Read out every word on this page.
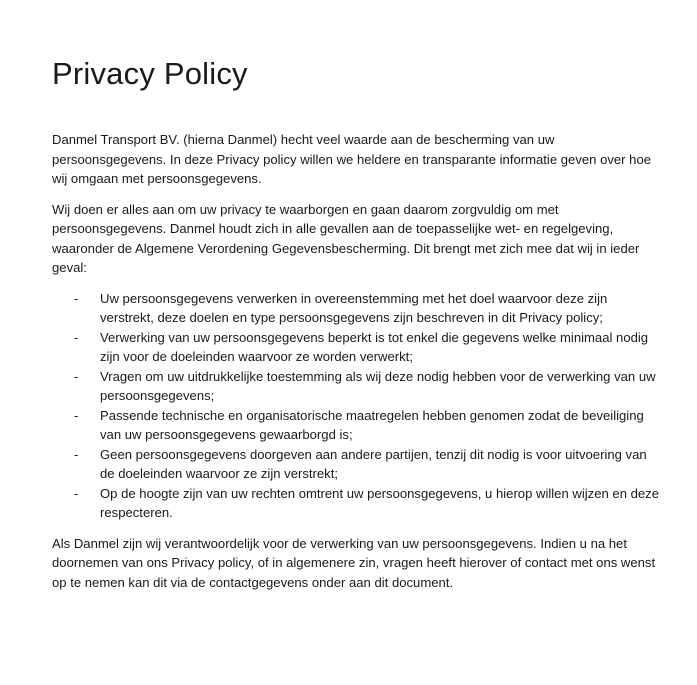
Privacy Policy

Danmel Transport BV. (hierna Danmel) hecht veel waarde aan de bescherming van uw persoonsgegevens. In deze Privacy policy willen we heldere en transparante informatie geven over hoe wij omgaan met persoonsgegevens.

Wij doen er alles aan om uw privacy te waarborgen en gaan daarom zorgvuldig om met persoonsgegevens. Danmel houdt zich in alle gevallen aan de toepasselijke wet- en regelgeving, waaronder de Algemene Verordening Gegevensbescherming. Dit brengt met zich mee dat wij in ieder geval:

- Uw persoonsgegevens verwerken in overeenstemming met het doel waarvoor deze zijn verstrekt, deze doelen en type persoonsgegevens zijn beschreven in dit Privacy policy;
- Verwerking van uw persoonsgegevens beperkt is tot enkel die gegevens welke minimaal nodig zijn voor de doeleinden waarvoor ze worden verwerkt;
- Vragen om uw uitdrukkelijke toestemming als wij deze nodig hebben voor de verwerking van uw persoonsgegevens;
- Passende technische en organisatorische maatregelen hebben genomen zodat de beveiliging van uw persoonsgegevens gewaarborgd is;
- Geen persoonsgegevens doorgeven aan andere partijen, tenzij dit nodig is voor uitvoering van de doeleinden waarvoor ze zijn verstrekt;
- Op de hoogte zijn van uw rechten omtrent uw persoonsgegevens, u hierop willen wijzen en deze respecteren.

Als Danmel zijn wij verantwoordelijk voor de verwerking van uw persoonsgegevens. Indien u na het doornemen van ons Privacy policy, of in algemenere zin, vragen heeft hierover of contact met ons wenst op te nemen kan dit via de contactgegevens onder aan dit document.
